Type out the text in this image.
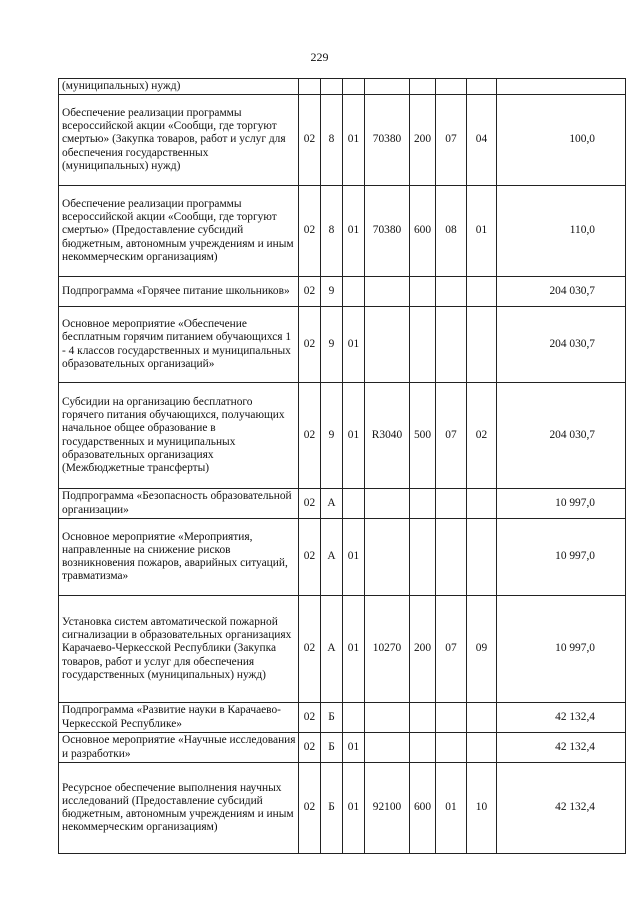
229
(муниципальных) нужд)								
Обеспечение реализации программы всероссийской акции «Сообщи, где торгуют смертью» (Закупка товаров, работ и услуг для обеспечения государственных (муниципальных) нужд)	02	8	01	70380	200	07	04	100,0
Обеспечение реализации программы всероссийской акции «Сообщи, где торгуют смертью» (Предоставление субсидий бюджетным, автономным учреждениям и иным некоммерческим организациям)	02	8	01	70380	600	08	01	110,0
Подпрограмма «Горячее питание школьников»	02	9						204 030,7
Основное мероприятие «Обеспечение бесплатным горячим питанием обучающихся 1 - 4 классов государственных и муниципальных образовательных организаций»	02	9	01					204 030,7
Субсидии на организацию бесплатного горячего питания обучающихся, получающих начальное общее образование в государственных и муниципальных образовательных организациях (Межбюджетные трансферты)	02	9	01	R3040	500	07	02	204 030,7
Подпрограмма «Безопасность образовательной организации»	02	А						10 997,0
Основное мероприятие «Мероприятия, направленные на снижение рисков возникновения пожаров, аварийных ситуаций, травматизма»	02	А	01					10 997,0
Установка систем автоматической пожарной сигнализации в образовательных организациях Карачаево-Черкесской Республики (Закупка товаров, работ и услуг для обеспечения государственных (муниципальных) нужд)	02	А	01	10270	200	07	09	10 997,0
Подпрограмма «Развитие науки в Карачаево-Черкесской Республике»	02	Б						42 132,4
Основное мероприятие «Научные исследования и разработки»	02	Б	01					42 132,4
Ресурсное обеспечение выполнения научных исследований (Предоставление субсидий бюджетным, автономным учреждениям и иным некоммерческим организациям)	02	Б	01	92100	600	01	10	42 132,4
